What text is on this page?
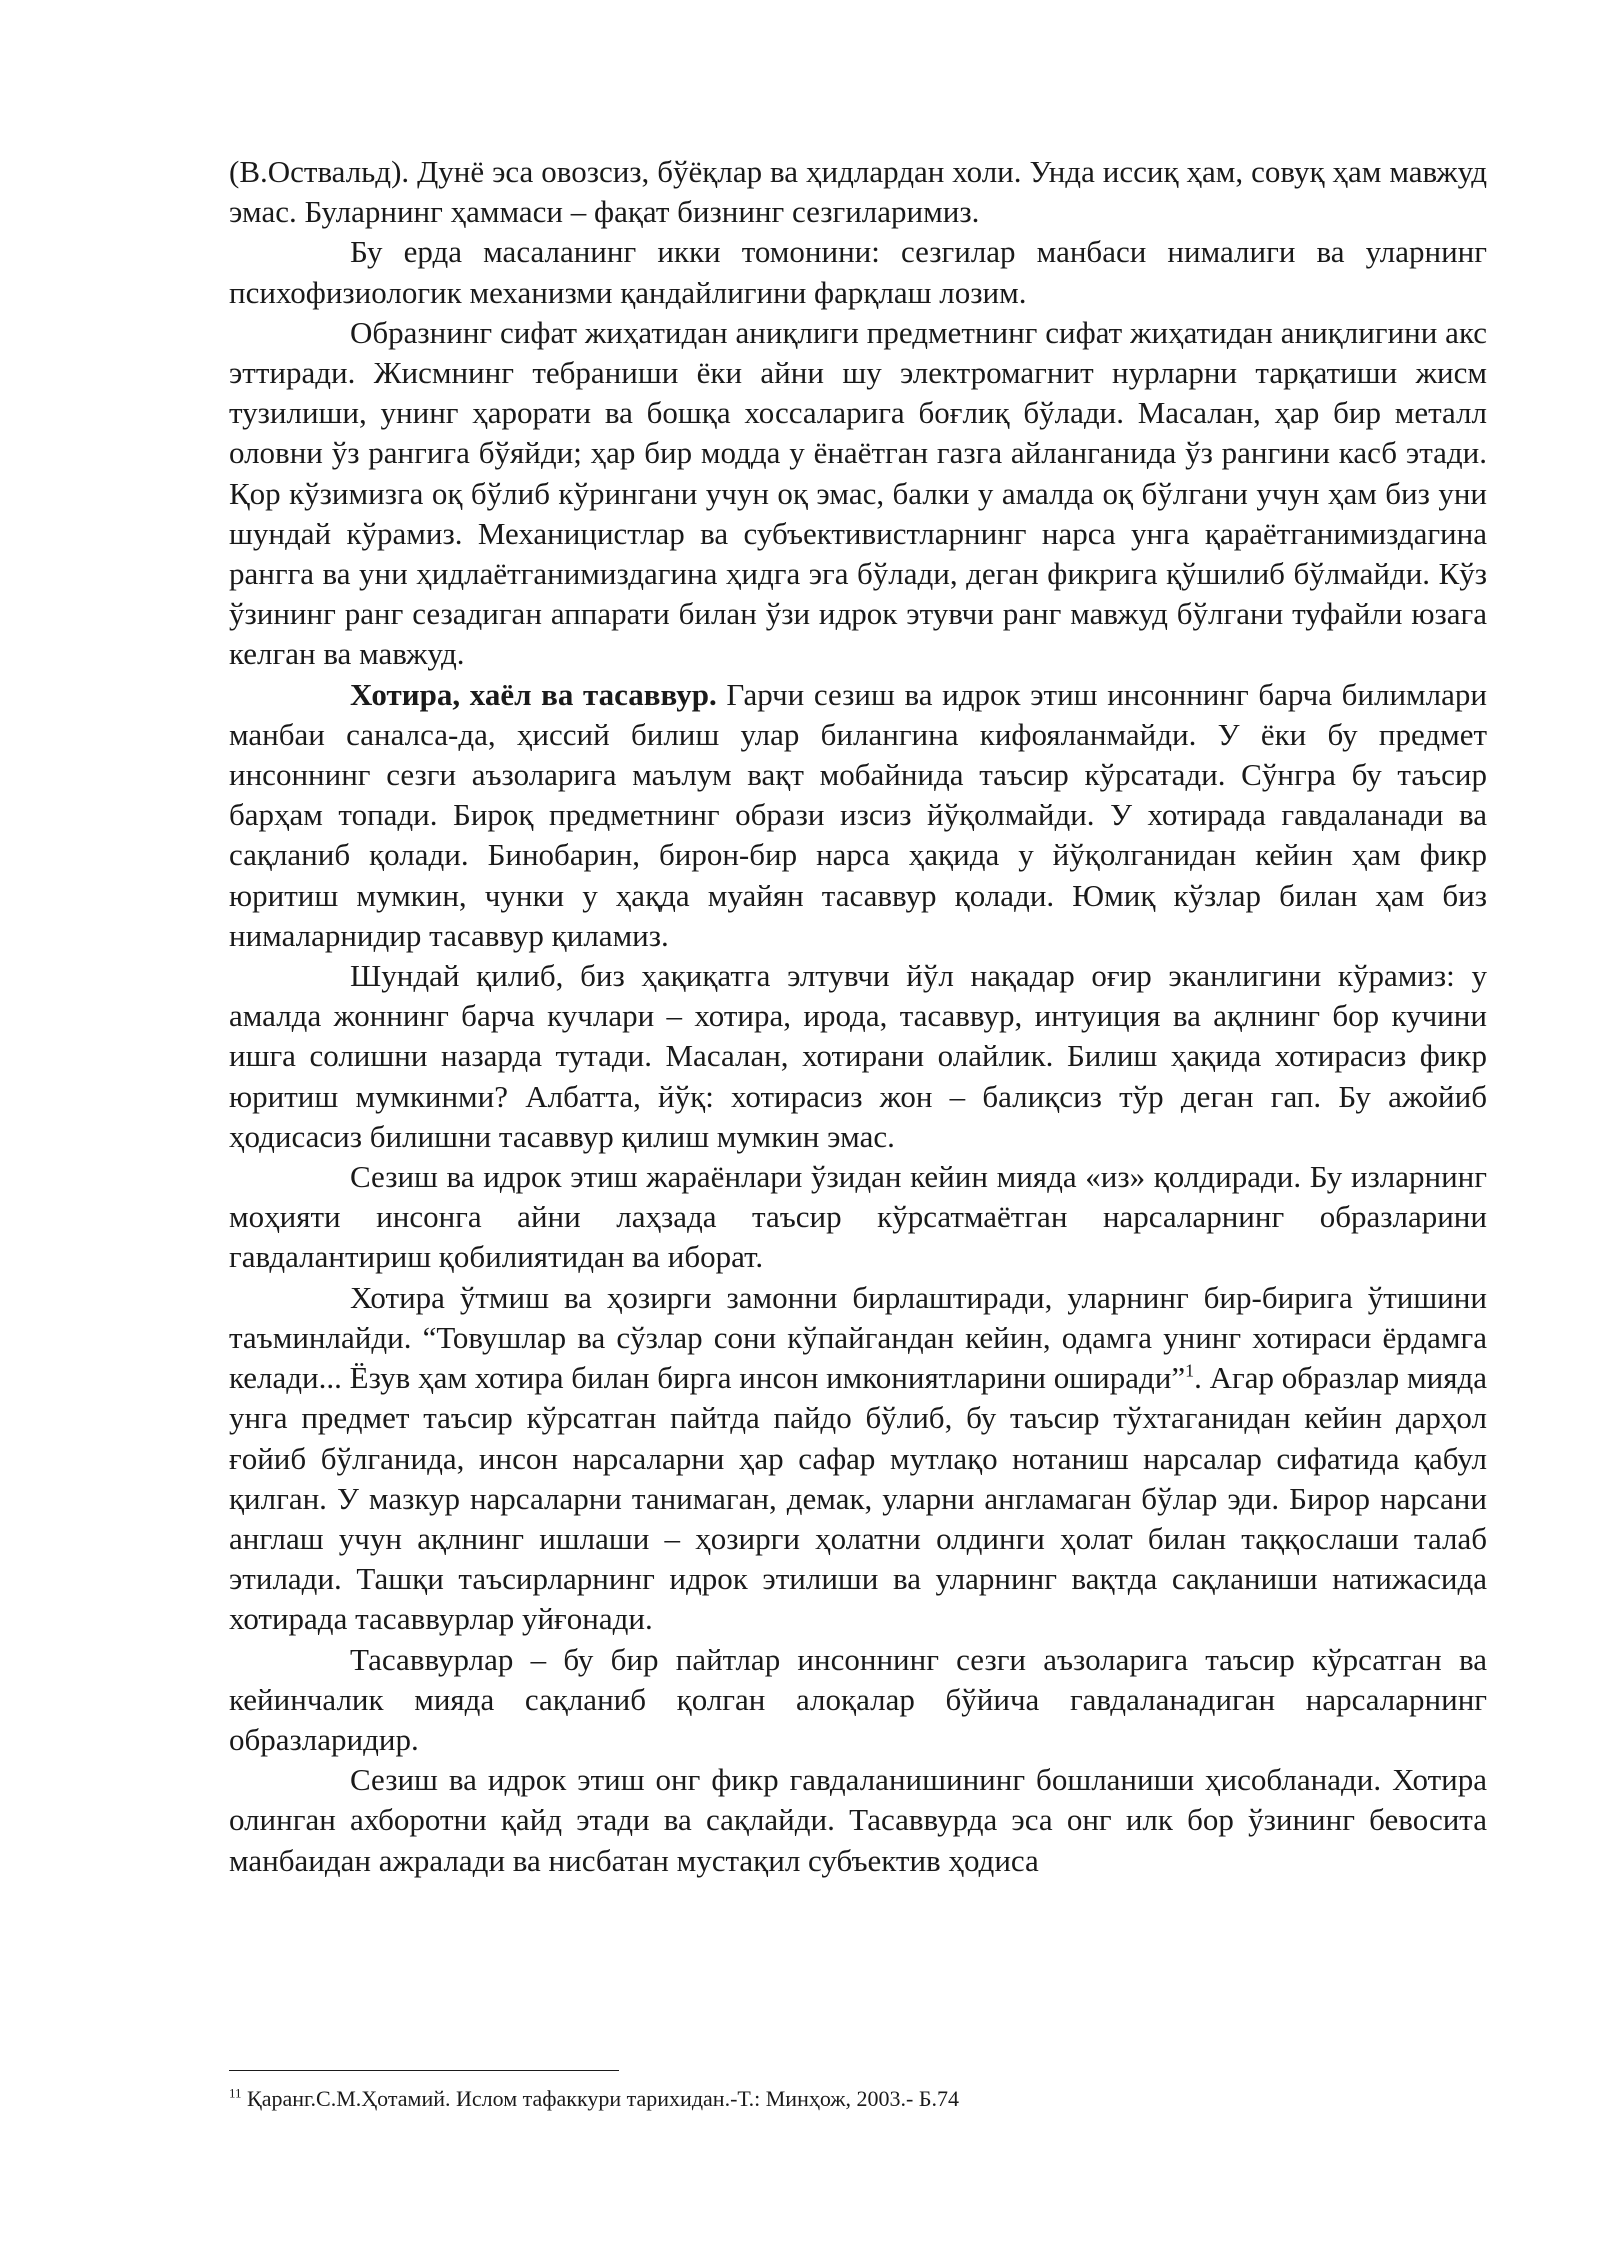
(В.Оствальд). Дунё эса овозсиз, бўёқлар ва ҳидлардан холи. Унда иссиқ ҳам, совуқ ҳам мавжуд эмас. Буларнинг ҳаммаси – фақат бизнинг сезгиларимиз.

Бу ерда масаланинг икки томонини: сезгилар манбаси нималиги ва уларнинг психофизиологик механизми қандайлигини фарқлаш лозим.

Образнинг сифат жиҳатидан аниқлиги предметнинг сифат жиҳатидан аниқлигини акс эттиради. Жисмнинг тебраниши ёки айни шу электромагнит нурларни тарқатиши жисм тузилиши, унинг ҳарорати ва бошқа хоссаларига боғлиқ бўлади. Масалан, ҳар бир металл оловни ўз рангига бўяйди; ҳар бир модда у ёнаётган газга айланганида ўз рангини касб этади. Қор кўзимизга оқ бўлиб кўрингани учун оқ эмас, балки у амалда оқ бўлгани учун ҳам биз уни шундай кўрамиз. Механицистлар ва субъективистларнинг нарса унга қараётганимиздагина рангга ва уни ҳидлаётганимиздагина ҳидга эга бўлади, деган фикрига қўшилиб бўлмайди. Кўз ўзининг ранг сезадиган аппарати билан ўзи идрок этувчи ранг мавжуд бўлгани туфайли юзага келган ва мавжуд.

Хотира, хаёл ва тасаввур. Гарчи сезиш ва идрок этиш инсоннинг барча билимлари манбаи саналса-да, ҳиссий билиш улар билангина кифояланмайди. У ёки бу предмет инсоннинг сезги аъзоларига маълум вақт мобайнида таъсир кўрсатади. Сўнгра бу таъсир барҳам топади. Бироқ предметнинг образи изсиз йўқолмайди. У хотирада гавдаланади ва сақланиб қолади. Бинобарин, бирон-бир нарса ҳақида у йўқолганидан кейин ҳам фикр юритиш мумкин, чунки у ҳақда муайян тасаввур қолади. Юмиқ кўзлар билан ҳам биз нималарнидир тасаввур қиламиз.

Шундай қилиб, биз ҳақиқатга элтувчи йўл нақадар оғир эканлигини кўрамиз: у амалда жоннинг барча кучлари – хотира, ирода, тасаввур, интуиция ва ақлнинг бор кучини ишга солишни назарда тутади. Масалан, хотирани олайлик. Билиш ҳақида хотирасиз фикр юритиш мумкинми? Албатта, йўқ: хотирасиз жон – балиқсиз тўр деган гап. Бу ажойиб ҳодисасиз билишни тасаввур қилиш мумкин эмас.

Сезиш ва идрок этиш жараёнлари ўзидан кейин мияда «из» қолдиради. Бу изларнинг моҳияти инсонга айни лаҳзада таъсир кўрсатмаётган нарсаларнинг образларини гавдалантириш қобилиятидан ва иборат.

Хотира ўтмиш ва ҳозирги замонни бирлаштиради, уларнинг бир-бирига ўтишини таъминлайди. “Товушлар ва сўзлар сони кўпайгандан кейин, одамга унинг хотираси ёрдамга келади... Ёзув ҳам хотира билан бирга инсон имкониятларини оширади”$^1$. Агар образлар мияда унга предмет таъсир кўрсатган пайтда пайдо бўлиб, бу таъсир тўхтаганидан кейин дарҳол ғойиб бўлганида, инсон нарсаларни ҳар сафар мутлақо нотаниш нарсалар сифатида қабул қилган. У мазкур нарсаларни танимаган, демак, уларни англамаган бўлар эди. Бирор нарсани англаш учун ақлнинг ишлаши – ҳозирги ҳолатни олдинги ҳолат билан таққослаши талаб этилади. Ташқи таъсирларнинг идрок этилиши ва уларнинг вақтда сақланиши натижасида хотирада тасаввурлар уйғонади.

Тасаввурлар – бу бир пайтлар инсоннинг сезги аъзоларига таъсир кўрсатган ва кейинчалик мияда сақланиб қолган алоқалар бўйича гавдаланадиган нарсаларнинг образларидир.

Сезиш ва идрок этиш онг фикр гавдаланишининг бошланиши ҳисобланади. Хотира олинган ахборотни қайд этади ва сақлайди. Тасаввурда эса онг илк бор ўзининг бевосита манбаидан ажралади ва нисбатан мустақил субъектив ҳодиса

$^{11}$ Қаранг.С.М.Ҳотамий. Ислом тафаккури тарихидан.-Т.: Минҳож, 2003.- Б.74
